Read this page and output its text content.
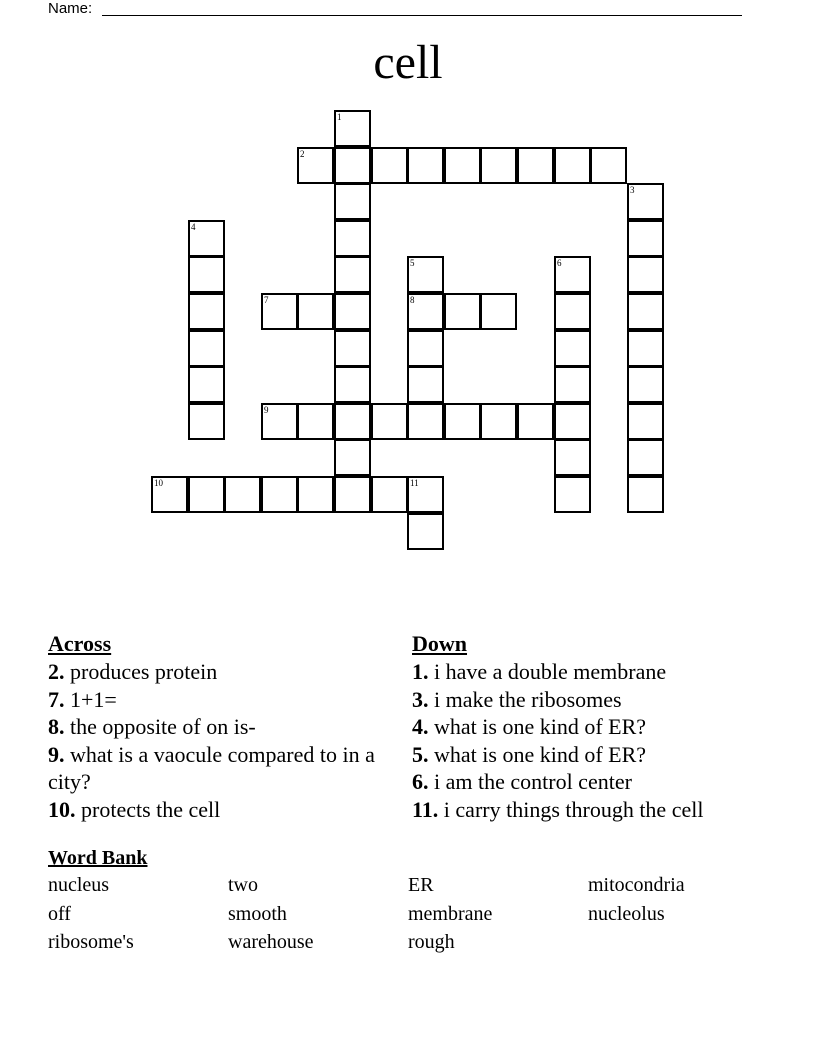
Name:
cell
1
2
3
4
5	6
7	8
9
10	11
Across

2. produces protein

7. 1+1=

8. the opposite of on is-

9. what is a vaocule compared to in a city?

10. protects the cell

Down

1. i have a double membrane

3. i make the ribosomes

4. what is one kind of ER?

5. what is one kind of ER?

6. i am the control center

11. i carry things through the cell

Word Bank
nucleus	two	ER	mitocondria
off	smooth	membrane	nucleolus
ribosome's	warehouse	rough
